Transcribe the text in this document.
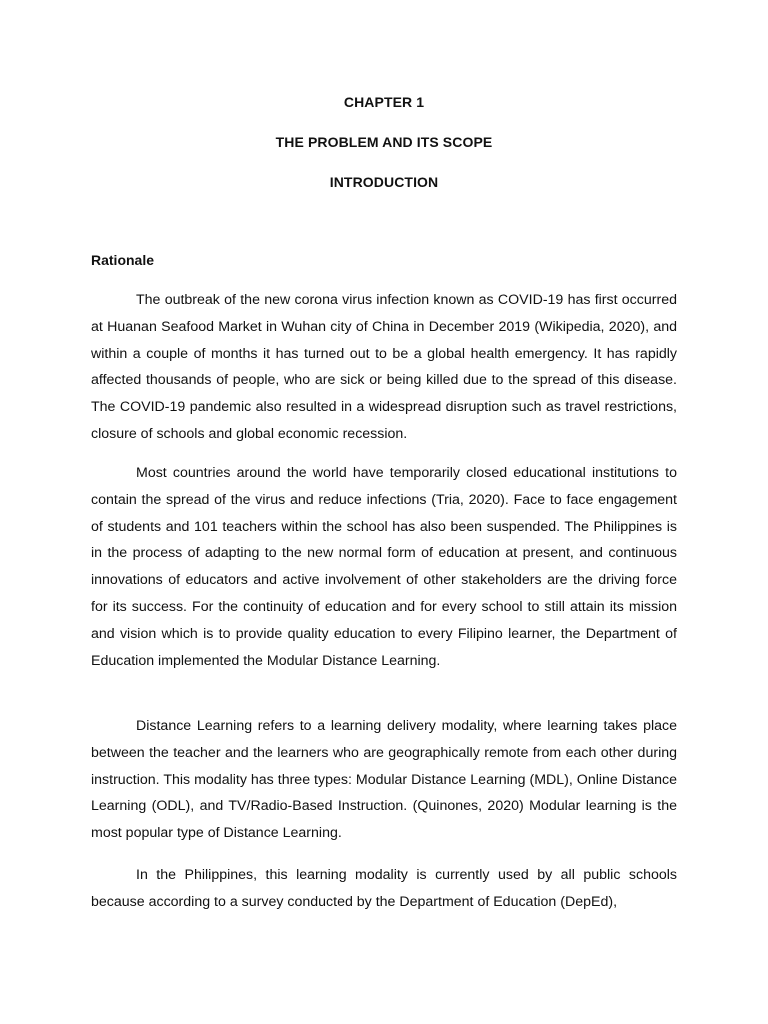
CHAPTER 1
THE PROBLEM AND ITS SCOPE
INTRODUCTION
Rationale

The outbreak of the new corona virus infection known as COVID-19 has first occurred at Huanan Seafood Market in Wuhan city of China in December 2019 (Wikipedia, 2020), and within a couple of months it has turned out to be a global health emergency. It has rapidly affected thousands of people, who are sick or being killed due to the spread of this disease. The COVID-19 pandemic also resulted in a widespread disruption such as travel restrictions, closure of schools and global economic recession.

Most countries around the world have temporarily closed educational institutions to contain the spread of the virus and reduce infections (Tria, 2020). Face to face engagement of students and 101 teachers within the school has also been suspended. The Philippines is in the process of adapting to the new normal form of education at present, and continuous innovations of educators and active involvement of other stakeholders are the driving force for its success. For the continuity of education and for every school to still attain its mission and vision which is to provide quality education to every Filipino learner, the Department of Education implemented the Modular Distance Learning.

Distance Learning refers to a learning delivery modality, where learning takes place between the teacher and the learners who are geographically remote from each other during instruction. This modality has three types: Modular Distance Learning (MDL), Online Distance Learning (ODL), and TV/Radio-Based Instruction. (Quinones, 2020) Modular learning is the most popular type of Distance Learning.

In the Philippines, this learning modality is currently used by all public schools because according to a survey conducted by the Department of Education (DepEd),
